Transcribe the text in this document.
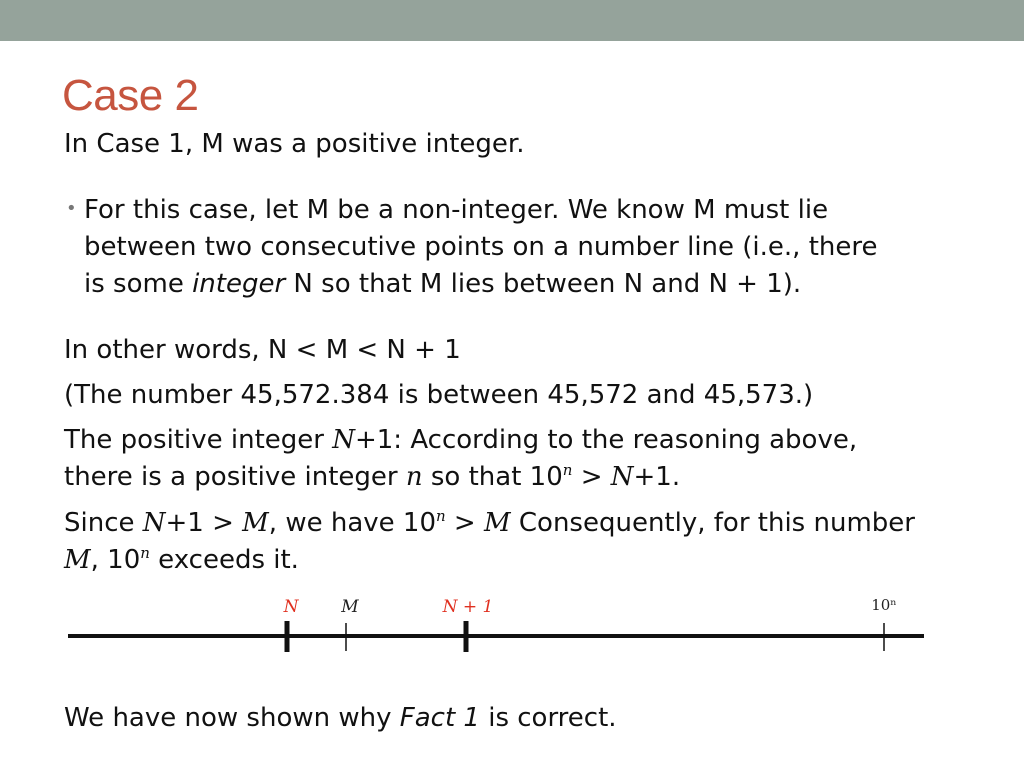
Case 2
In Case 1, M was a positive integer.
• For this case, let M be a non-integer. We know M must lie
between two consecutive points on a number line (i.e., there
is some integer N so that M lies between N and N + 1).
In other words, N < M < N + 1
(The number 45,572.384 is between 45,572 and 45,573.)
The positive integer N+1: According to the reasoning above,
there is a positive integer n so that $10^n > N+1$.
Since N+1 > M, we have $10^n > M$ Consequently, for this number
M, 10$^n$ exceeds it.
N	M	N + 1	10ⁿ
We have now shown why Fact 1 is correct.
